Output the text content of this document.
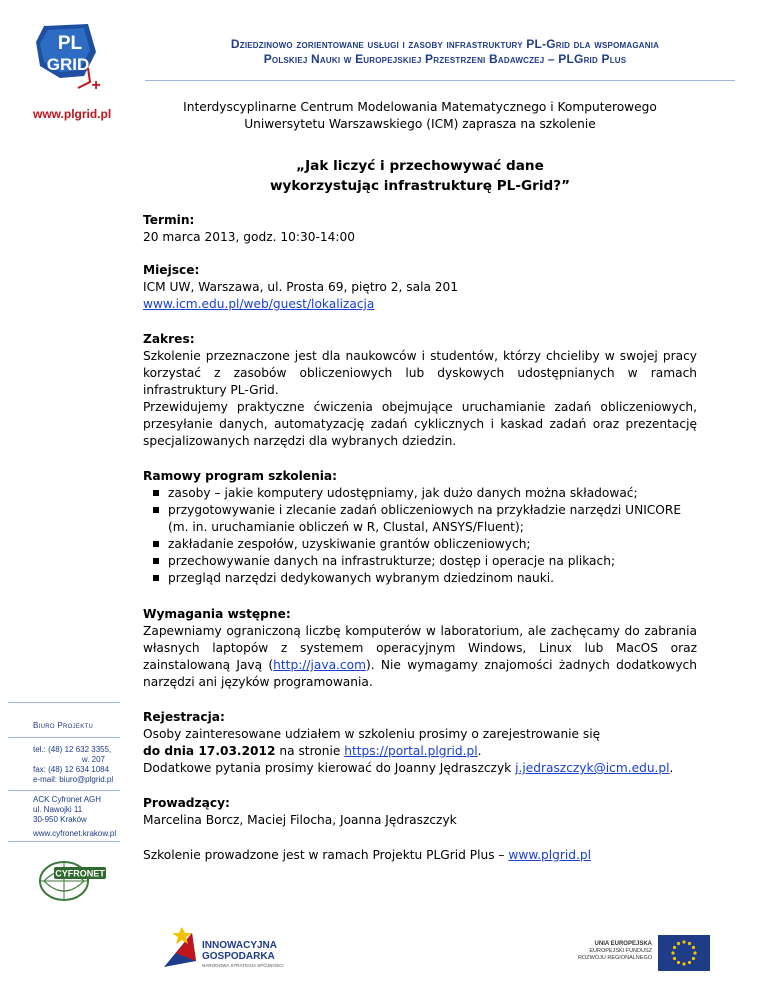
PL
GRID
+
www.plgrid.pl
Dziedzinowo zorientowane usługi i zasoby infrastruktury PL-Grid dla wspomagania
Polskiej Nauki w Europejskiej Przestrzeni Badawczej – PLGrid Plus
Interdyscyplinarne Centrum Modelowania Matematycznego i Komputerowego
Uniwersytetu Warszawskiego (ICM) zaprasza na szkolenie
„Jak liczyć i przechowywać dane
wykorzystując infrastrukturę PL-Grid?”
Termin:
20 marca 2013, godz. 10:30-14:00
Miejsce:
ICM UW, Warszawa, ul. Prosta 69, piętro 2, sala 201
www.icm.edu.pl/web/guest/lokalizacja
Zakres:
Szkolenie przeznaczone jest dla naukowców i studentów, którzy chcieliby w swojej pracy korzystać z zasobów obliczeniowych lub dyskowych udostępnianych w ramach infrastruktury PL-Grid.
Przewidujemy praktyczne ćwiczenia obejmujące uruchamianie zadań obliczeniowych, przesyłanie danych, automatyzację zadań cyklicznych i kaskad zadań oraz prezentację specjalizowanych narzędzi dla wybranych dziedzin.
Ramowy program szkolenia:
zasoby – jakie komputery udostępniamy, jak dużo danych można składować;
przygotowywanie i zlecanie zadań obliczeniowych na przykładzie narzędzi UNICORE (m. in. uruchamianie obliczeń w R, Clustal, ANSYS/Fluent);
zakładanie zespołów, uzyskiwanie grantów obliczeniowych;
przechowywanie danych na infrastrukturze; dostęp i operacje na plikach;
przegląd narzędzi dedykowanych wybranym dziedzinom nauki.
Wymagania wstępne:
Zapewniamy ograniczoną liczbę komputerów w laboratorium, ale zachęcamy do zabrania własnych laptopów z systemem operacyjnym Windows, Linux lub MacOS oraz zainstalowaną Javą (http://java.com). Nie wymagamy znajomości żadnych dodatkowych narzędzi ani języków programowania.
Rejestracja:
Osoby zainteresowane udziałem w szkoleniu prosimy o zarejestrowanie się
do dnia 17.03.2012 na stronie https://portal.plgrid.pl.
Dodatkowe pytania prosimy kierować do Joanny Jędraszczyk j.jedraszczyk@icm.edu.pl.
Prowadzący:
Marcelina Borcz, Maciej Filocha, Joanna Jędraszczyk
Szkolenie prowadzone jest w ramach Projektu PLGrid Plus – www.plgrid.pl
Biuro Projektu
tel.: (48) 12 632 3355,
w. 207
fax: (48) 12 634 1084
e-mail: biuro@plgrid.pl
ACK Cyfronet AGH
ul. Nawojki 11
30-950 Kraków
www.cyfronet.krakow.pl
CYFRONET
INNOWACYJNA
GOSPODARKA
NARODOWA STRATEGIA SPÓJNOŚCI
UNIA EUROPEJSKA
EUROPEJSKI FUNDUSZ
ROZWOJU REGIONALNEGO
